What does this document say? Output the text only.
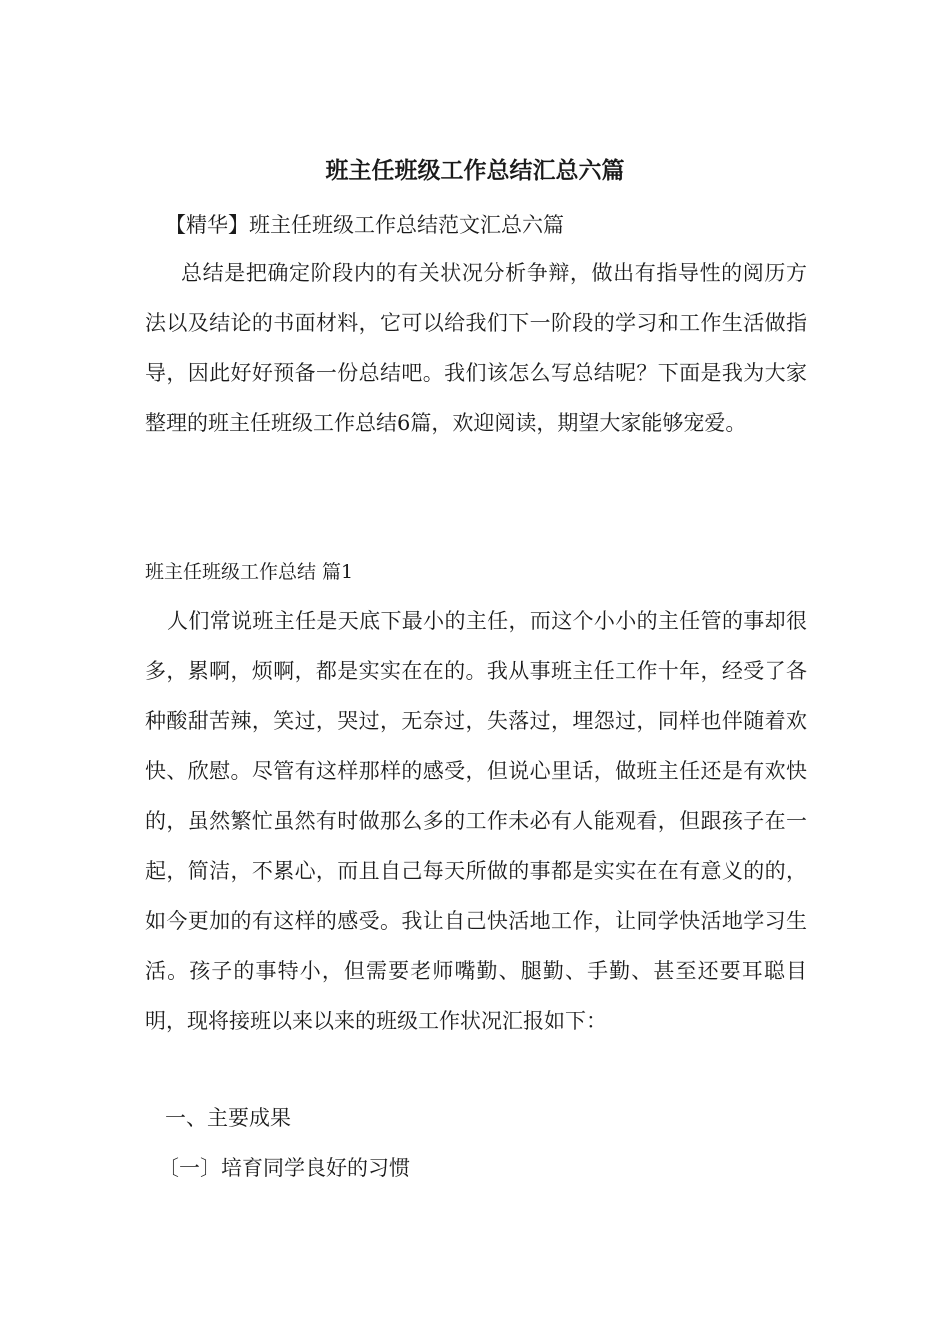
班主任班级工作总结汇总六篇
【精华】班主任班级工作总结范文汇总六篇

总结是把确定阶段内的有关状况分析争辩，做出有指导性的阅历方法以及结论的书面材料，它可以给我们下一阶段的学习和工作生活做指导，因此好好预备一份总结吧。我们该怎么写总结呢？下面是我为大家整理的班主任班级工作总结6篇，欢迎阅读，期望大家能够宠爱。

班主任班级工作总结 篇1

人们常说班主任是天底下最小的主任，而这个小小的主任管的事却很多，累啊，烦啊，都是实实在在的。我从事班主任工作十年，经受了各种酸甜苦辣，笑过，哭过，无奈过，失落过，埋怨过，同样也伴随着欢快、欣慰。尽管有这样那样的感受，但说心里话，做班主任还是有欢快的，虽然繁忙虽然有时做那么多的工作未必有人能观看，但跟孩子在一起，简洁，不累心，而且自己每天所做的事都是实实在在有意义的的，如今更加的有这样的感受。我让自己快活地工作，让同学快活地学习生活。孩子的事特小，但需要老师嘴勤、腿勤、手勤、甚至还要耳聪目明，现将接班以来以来的班级工作状况汇报如下：

一、主要成果
〔一〕培育同学良好的习惯
